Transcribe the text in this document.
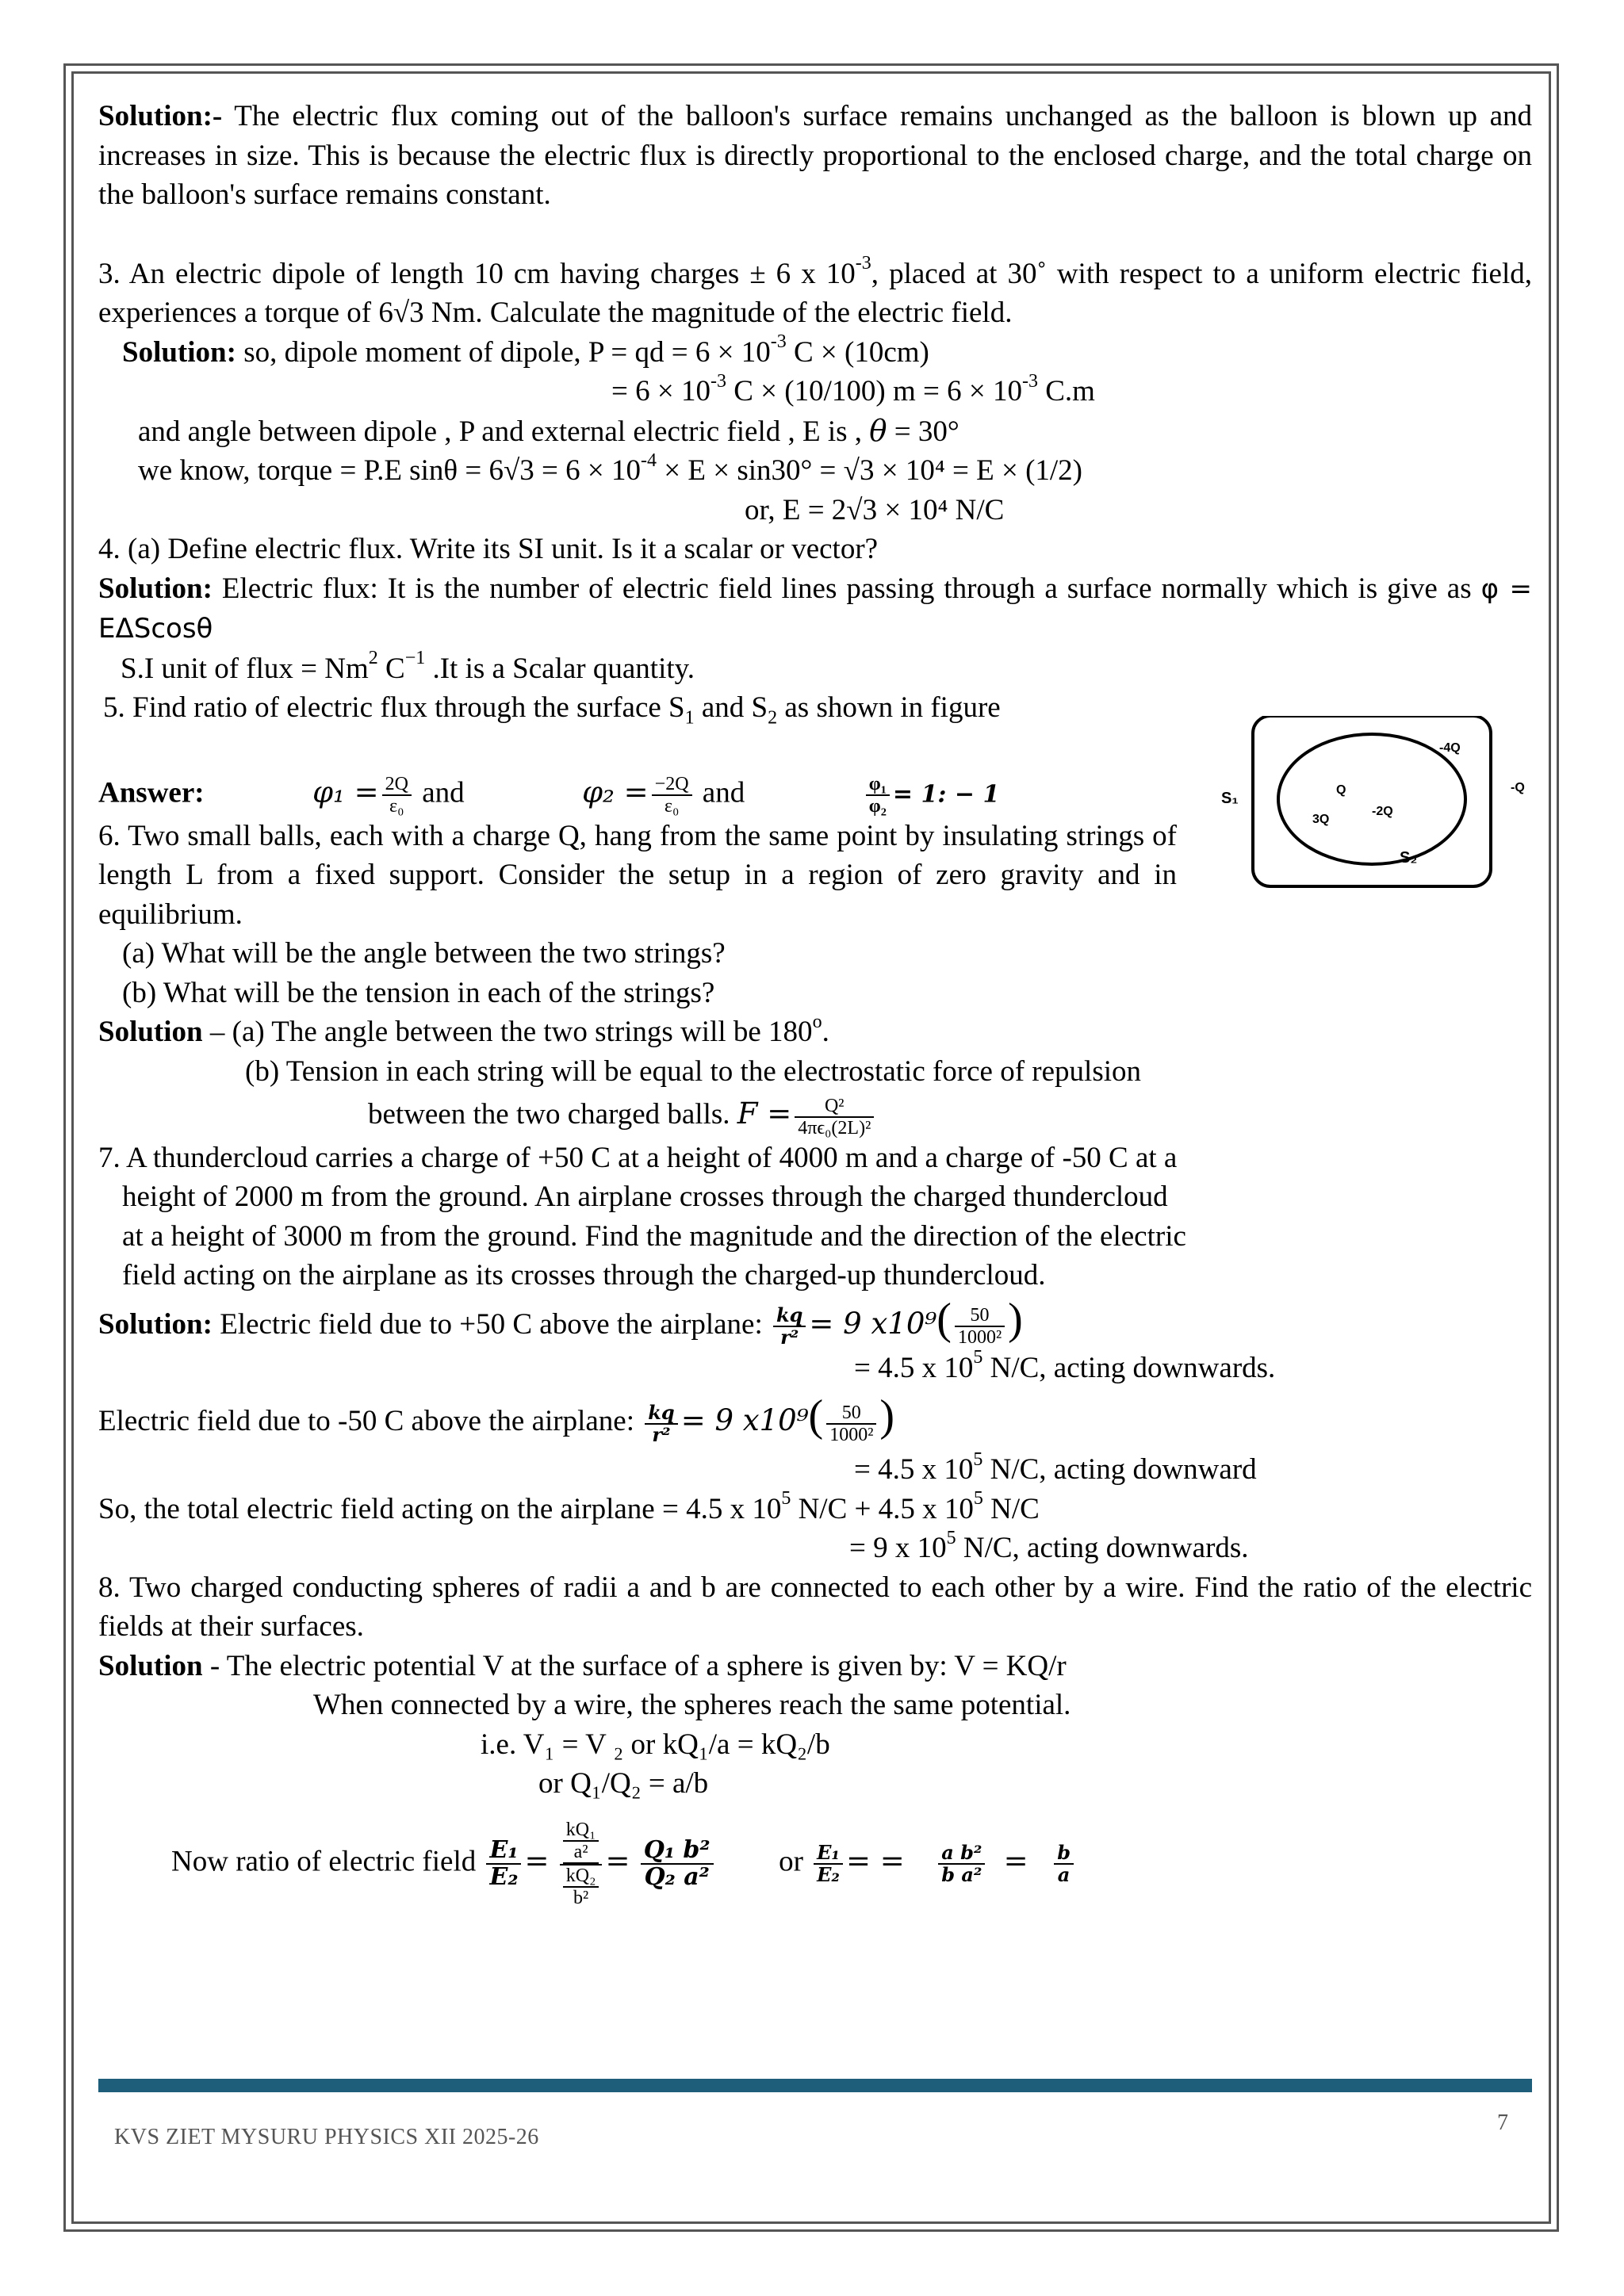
Solution:- The electric flux coming out of the balloon's surface remains unchanged as the balloon is blown up and increases in size. This is because the electric flux is directly proportional to the enclosed charge, and the total charge on the balloon's surface remains constant.

3. An electric dipole of length 10 cm having charges ± 6 x $10^{-3}$, placed at 30˚ with respect to a uniform electric field, experiences a torque of 6√3 Nm. Calculate the magnitude of the electric field.

Solution: so, dipole moment of dipole, P = qd = $6 \times 10^{-3}$ C × (10cm)

= $6 \times 10^{-3}$ C × (10/100) $m = 6 \times 10^{-3}$ C.m

and angle between dipole , P and external electric field , E is , θ = 30°

we know, torque = P.E $\sin\theta = 6√3 = 6 \times 10^{-4} \times E \times \sin 30^\circ = √3 \times 10^4 = E \times (1/2)$

or, E = 2√3 × 10⁴ N/C

4. (a) Define electric flux. Write its SI unit. Is it a scalar or vector?

Solution: Electric flux: It is the number of electric field lines passing through a surface normally which is give as φ = EΔScosθ

S.I unit of flux = $Nm^2$ $C^{-1}$ .It is a Scalar quantity.

5. Find ratio of electric flux through the surface $S_1$ and $S_2$ as shown in figure

Answer:	$\varphi_1 = \frac{2Q}{\text{ε₀}}$ and	$\varphi_2 = \frac{-2Q}{\text{ε₀}}$ and	$\frac{\text{φ₁}}{\text{φ₂}} = 1$: − 1

6. Two small balls, each with a charge Q, hang from the same point by insulating strings of length L from a fixed support. Consider the setup in a region of zero gravity and in equilibrium.

(a) What will be the angle between the two strings?

(b) What will be the tension in each of the strings?

Solution – (a) The angle between the two strings will be 180$^o$.

(b) Tension in each string will be equal to the electrostatic force of repulsion

between the two charged balls. $F = \frac{\text{Q²}}{\text{4πϵ₀(2L)²}}$

7. A thundercloud carries a charge of +50 C at a height of 4000 m and a charge of -50 C at a

height of 2000 m from the ground. An airplane crosses through the charged thundercloud

at a height of 3000 m from the ground. Find the magnitude and the direction of the electric

field acting on the airplane as its crosses through the charged-up thundercloud.

Solution: Electric field due to +50 C above the airplane: $\frac{kq}{\text{r²}} = 9$ $x10^9( \frac{50}{\text{1000²}}$ )

= 4.5 x $10^5$ N/C, acting downwards.

Electric field due to -50 C above the airplane: $\frac{kq}{\text{r²}} = 9$ $x10^9( \frac{50}{\text{1000²}}$ )

= 4.5 x $10^5$ N/C, acting downward

So, the total electric field acting on the airplane = 4.5 x $10^5$ N/C + 4.5 x $10^5$ N/C

= 9 x $10^5$ N/C, acting downwards.

8. Two charged conducting spheres of radii a and b are connected to each other by a wire. Find the ratio of the electric fields at their surfaces.

Solution - The electric potential V at the surface of a sphere is given by: V = KQ/r

When connected by a wire, the spheres reach the same potential.

i.e. V₁ = V ₂ or kQ₁/a = kQ₂/b

or Q₁/Q₂ = a/b

Now ratio of electric field $\frac{\text{E₁}}{\text{E₂}} = \frac{\frac{\text{kQ₁}}{\text{a²}}}{\frac{\text{kQ₂}}{\text{b²}}} = \frac{\text{Q₁ b²}}{\text{Q₂ a²}}$ or $\frac{\text{E₁}}{\text{E₂}}$ = = $\frac{\text{a b²}}{\text{b a²}} = \frac{b}{a}$

S₁
S₂
-4Q
-Q
Q
3Q
-2Q
KVS ZIET MYSURU PHYSICS XII 2025-26
7
